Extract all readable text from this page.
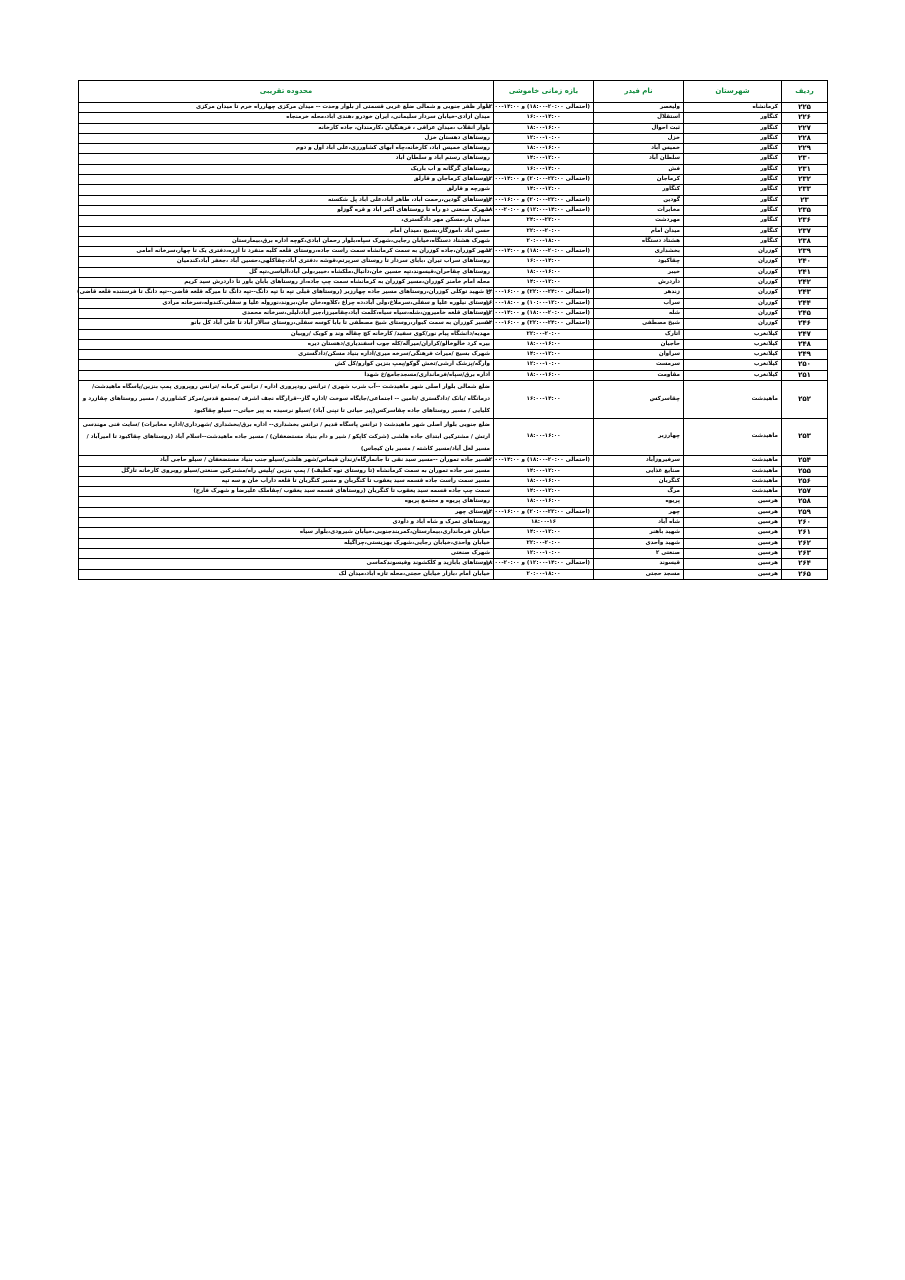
ردیف	شهرستان	نام فیدر	بازه زمانی خاموشی	محدوده تقریبی
۲۲۵	کرمانشاه	ولیعصر	(احتمالی ۲۰:۰۰-۱۸:۰۰) و ۱۴:۰۰-۱۲:۰۰	بلوار ظفر جنوبی و شمالی ضلع غربی قسمتی از بلوار وحدت -- میدان مرکزی چهارراه خرم تا میدان مرکزی
۲۲۶	کنگاور	استقلال	۱۶:۰۰-۱۴:۰۰	میدان ازادی-خیابان سردار سلیمانی، ایران خودرو ،هندی اباد،محله خرمنجاه
۲۲۷	کنگاور	ثبت احوال	۱۸:۰۰-۱۶:۰۰	بلوار انقلاب ،میدان عراقی ، فرهنگیان ،کارمندان، جاده کارخانه
۲۲۸	کنگاور	خزل	۱۲:۰۰-۱۰:۰۰	روستاهای دهستان خزل
۲۲۹	کنگاور	خمیس آباد	۱۸:۰۰-۱۶:۰۰	روستاهای خمیس اباد، کارخانه،چاه ابهای کشاورزی،علی اباد اول و دوم
۲۳۰	کنگاور	سلطان آباد	۱۴:۰۰-۱۲:۰۰	روستاهای رستم اباد و سلطان اباد
۲۳۱	کنگاور	فش	۱۶:۰۰-۱۴:۰۰	روستاهای گرگانه و اب باریک
۲۳۲	کنگاور	کرماجان	(احتمالی ۲۲:۰۰-۲۰:۰۰) و ۱۴:۰۰-۱۲:۰۰	روستاهای کرماجان و قارلق
۲۳۳	کنگاور	کنگاور	۱۴:۰۰-۱۲:۰۰	شورچه و قارلق
۲۳	کنگاور	گودین	(احتمالی ۲۲:۰۰-۲۰:۰۰) و ۱۶:۰۰-۱۴:۰۰	روستاهای گودین،رحمت اباد، طاهر اباد،علی اباد پل شکسته
۲۳۵	کنگاور	مخابرات	(احتمالی ۱۴:۰۰-۱۲:۰۰) و ۲۰:۰۰-۱۸:۰۰	شهرک صنعتی دو راه تا روستاهای اکبر اباد و قره گوزلو
۲۳۶	کنگاور	مهردشت	۲۴:۰۰-۲۲:۰۰	میدان بار،مسکن مهر دادگستری،
۲۳۷	کنگاور	میدان امام	۲۲:۰۰-۲۰:۰۰	حسن اباد ،اموزگار،بسیج ،میدان امام
۲۳۸	کنگاور	هشتاد دستگاه	۲۰:۰۰-۱۸:۰۰	شهرک هشتاد دستگاه،خیابان رجایی،شهرک سپاه،بلوار رحمان ابادی،کوچه اداره برق،بیمارستان
۲۳۹	کوزران	بخشداری	(احتمالی ۲۰:۰۰-۱۸:۰۰) و ۱۴:۰۰-۱۲:۰۰	شهر کوزران،جاده کوزران به سمت کرمانشاه سمت راست جاده،روستای قلعه کلبه منفرد تا ازره،دفتری یک تا چهار،سرخانه امامی
۲۴۰	کوزران	چقاکبود	۱۶:۰۰-۱۴:۰۰	روستاهای سراب تیران ،بابای سردار تا روستای سرپرتم،قوشه ،دفتری آباد،چقاکلهی،حسین آباد ،جعفر آباد،کندمیان
۲۴۱	کوزران	خیبر	۱۸:۰۰-۱۶:۰۰	روستاهای چقاحران،قیسوند،تپه حسین خان،دانیال،ملکشاه ،خیبر،ولی آباد،الیاسی،تپه گل
۲۴۲	کوزران	داردرش	۱۴:۰۰-۱۲:۰۰	محله امام خامنر کوزران،مسیر کوزران به کرمانشاه سمت چپ جاده،از روستاهای بابان باور تا داردرش سید کریم
۲۴۳	کوزران	زندهر	(احتمالی ۲۴:۰۰-۲۲:۰۰) و ۱۶:۰۰-۱۴:۰۰	خ شهید توکلی کوزران،روستاهای مسیر جاده چهارزبر (روستاهای قبلی تپه تا تپه دانگ--تپه دانگ تا میرگه قلعه قاضی--تپه دانگ تا فرستنده قلعه قاضی)
۲۴۴	کوزران	سراب	(احتمالی ۱۲:۰۰-۱۰:۰۰) و ۱۸:۰۰-۱۶:۰۰	روستای نیلوره علیا و سفلی،سرملاخ،ولی آباد،ده چراغ ،کلاوه،خان جان،بروند،نوروله علیا و سفلی،کندوله،سرخانه مرادی
۲۴۵	کوزران	شله	(احتمالی ۲۰:۰۰-۱۸:۰۰) و ۱۴:۰۰-۱۲:۰۰	روستاهای قلعه خامیرون،شله،سیاه سیاه،کلمت آباد،چقامیرزا،جبر آباد،لیلی،سرخانه محمدی
۲۴۶	کوزران	شیخ مصطفی	(احتمالی ۲۴:۰۰-۲۲:۰۰) و ۱۶:۰۰-۱۴:۰۰	مسیر کوزران به سمت کبوار،روستای شیخ مصطفی تا بابا کوسه سفلی،روستای سالار آباد تا علی آباد کل بانو
۲۴۷	کیلانغرب	اتارک	۲۲:۰۰-۲۰:۰۰	مهدیه/دانشگاه پیام نور/کوی سفید/ کارخانه کچ چقاله وند و کوبک /روبیان
۲۴۸	کیلانغرب	حاجیان	۱۸:۰۰-۱۶:۰۰	بیره کرد خالوخالو/کراران/میرآله/کله جوب اسفندیاری/دهستان دیره
۲۴۹	کیلانغرب	سراوان	۱۴:۰۰-۱۲:۰۰	شهرک بسیج /میراث فرهنگی/سرخه میری/اداره بنیاد مسکن/دادگستری
۲۵۰	کیلانغرب	سرمست	۱۲:۰۰-۱۰:۰۰	وارگه/پزشک ارشی/تخش گوکو/پمپ بنزین کوارو/کل کش
۲۵۱	کیلانغرب	مقاومت	۱۸:۰۰-۱۶:۰۰	اداره برق/سپاه/فرمانداری/مسجدجامع/خ شهدا
۲۵۲	ماهیدشت	چقاسرکس	۱۶:۰۰-۱۴:۰۰	ضلع شمالی بلوار اصلی شهر ماهیدشت --آب شرب شهری / ترانس رودپروری اداره / ترانس کرمانه /ترانس روپروری پمپ بنزین/پاسگاه ماهیدشت/ درمانگاه /بانک /دادگستری /تامین -- اجتماعی/جایگاه سوخت /اداره گاز--قرارگاه نجف اشرف /مجتمع قدس/مرکز کشاورزی / مسیر روستاهای چقازرد و کلیایی / مسیر روستاهای جاده چقاسرکس(پیر حیاتی تا تپنی آباد) /سیلو نرسیده به پیر حیاتی-- سیلو چقاکبود
۲۵۳	ماهیدشت	چهارزبر	۱۸:۰۰-۱۶:۰۰	ضلع جنوبی بلوار اصلی شهر ماهیدشت ( ترانس پاسگاه قدیم / ترانس بخشداری-- اداره برق/بخشداری /شهرداری/اداره مخابرات) /سایت فنی مهندسی ارتش / مشترکین ابتدای جاده هلشی (شرکت کاپکو / شیر و دام بنیاد مستضعفان) / مسیر جاده ماهیدشت--اسلام آباد (روستاهای چقاکبود تا امیرآباد / مسیر لعل آباد/مسیر کاشته / مسیر بان کیجاس)
۲۵۴	ماهیدشت	سرفیروزآباد	(احتمالی ۲۰:۰۰-۱۸:۰۰) و ۱۴:۰۰-۱۲:۰۰	مسیر جاده تموران --مسیر سید نقی تا جانمارگاه/زندان قیماس/شهر هلشی/سیلو جنب بنیاد مستضعفان / سیلو حاجی آباد
۲۵۵	ماهیدشت	صنایع غذایی	۱۴:۰۰-۱۲:۰۰	مسیر سر جاده تموران به سمت کرمانشاه (تا روستای توه کطیف) / پمپ بنزین /پلیس راه/مشترکین صنعتی/سیلو روبروی کارخانه تازگل
۲۵۶	ماهیدشت	کنگربان	۱۸:۰۰-۱۶:۰۰	مسیر سمت راست جاده قسمه سید یعقوب تا کنگربان و مسیر کنگربان تا قلعه داراب خان و سه تپه
۲۵۷	ماهیدشت	مرگ	۱۴:۰۰-۱۲:۰۰	سمت چپ جاده قسمه سید یعقوب تا کنگربان (روستاهای قسمه سید یعقوب /چقاملک علیرضا و شهرک فارج)
۲۵۸	هرسین	پریوه	۱۸:۰۰-۱۶:۰۰	روستاهای پریوه و مجتمع پریوه
۲۵۹	هرسین	چهر	(احتمالی ۲۲:۰۰-۲۰:۰۰) و ۱۶:۰۰-۱۴:۰۰	روستای چهر
۲۶۰	هرسین	شاه آباد	۱۸:۰۰-۱۶	روستاهای تمرک و شاه اباد و داودی
۲۶۱	هرسین	شهید باهنر	۱۴:۰۰-۱۲:۰۰	خیابان فرمانداری،بیمارستان،کمربندجنوبی،خیابان شیرودی،بلوار سیاه
۲۶۲	هرسین	شهید واحدی	۲۲:۰۰-۲۰:۰۰	خیابان واحدی،خیابان رجایی،شهرک بهزیستی،چراگیله
۲۶۳	هرسین	صنعتی ۲	۱۲:۰۰-۱۰:۰۰	شهرک صنعتی
۲۶۴	هرسین	قیسوند	(احتمالی ۱۴:۰۰-۱۲:۰۰) و ۲۰:۰۰-۱۸:۰۰	روستاهای بابازید و کلکشوند وقیسوندکماسی
۲۶۵	هرسین	مسجد حجتی	۲۰:۰۰-۱۸:۰۰	خیابان امام ،بازار خیابان حجتی،محله تازه اباد،میدان لک
